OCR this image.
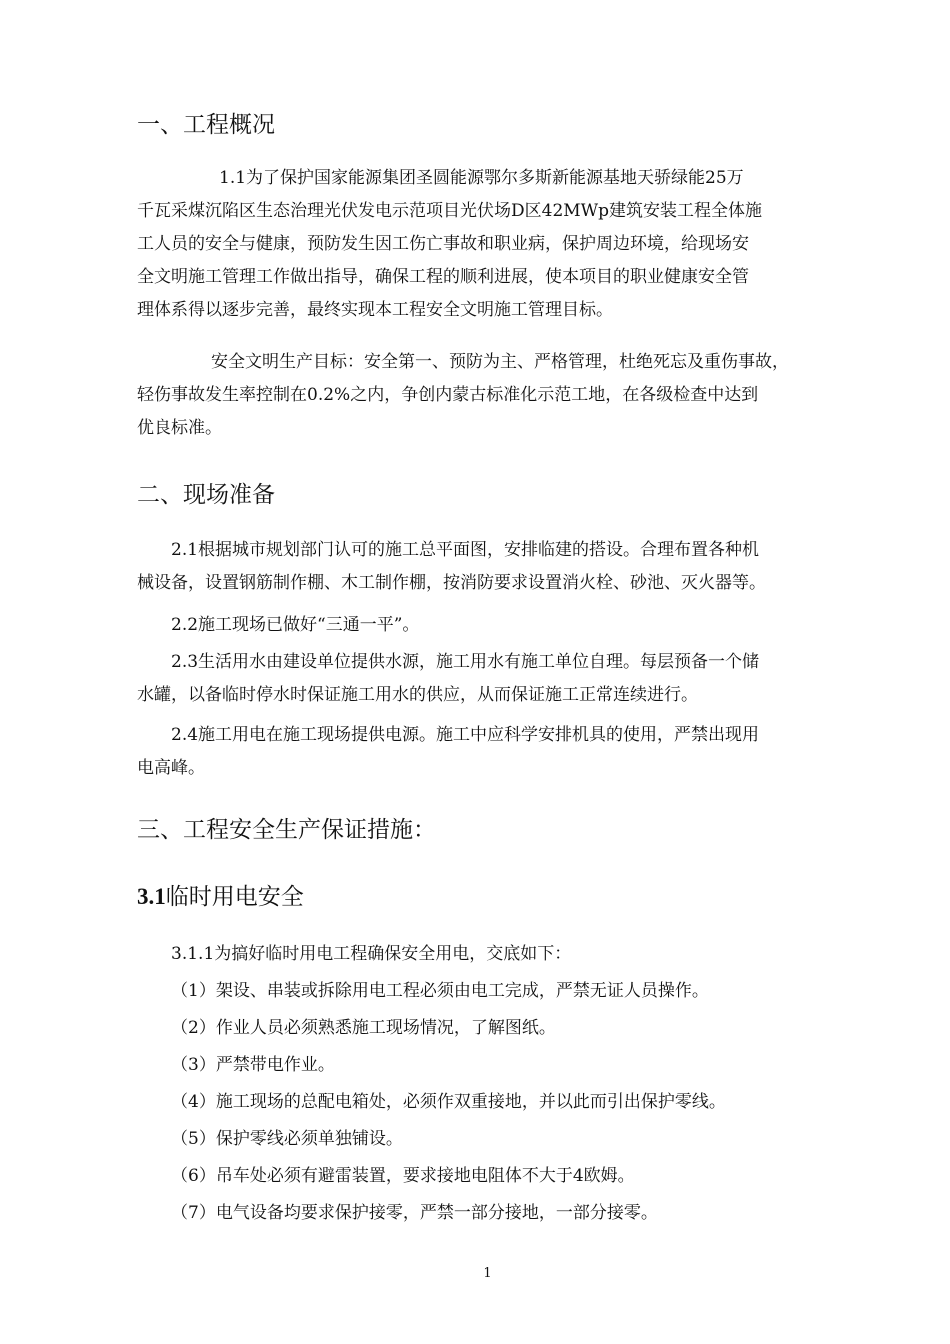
一、工程概况
1.1为了保护国家能源集团圣圆能源鄂尔多斯新能源基地天骄绿能25万
千瓦采煤沉陷区生态治理光伏发电示范项目光伏场D区42MWp建筑安装工程全体施
工人员的安全与健康，预防发生因工伤亡事故和职业病，保护周边环境，给现场安
全文明施工管理工作做出指导，确保工程的顺利进展，使本项目的职业健康安全管
理体系得以逐步完善，最终实现本工程安全文明施工管理目标。
安全文明生产目标：安全第一、预防为主、严格管理，杜绝死忘及重伤事故，
轻伤事故发生率控制在0.2%之内，争创内蒙古标准化示范工地，在各级检查中达到
优良标准。
二、现场准备
2.1根据城市规划部门认可的施工总平面图，安排临建的搭设。合理布置各种机
械设备，设置钢筋制作棚、木工制作棚，按消防要求设置消火栓、砂池、灭火器等。
2.2施工现场已做好“三通一平”。
2.3生活用水由建设单位提供水源，施工用水有施工单位自理。每层预备一个储
水罐，以备临时停水时保证施工用水的供应，从而保证施工正常连续进行。
2.4施工用电在施工现场提供电源。施工中应科学安排机具的使用，严禁出现用
电高峰。
三、工程安全生产保证措施：
3.1临时用电安全
3.1.1为搞好临时用电工程确保安全用电，交底如下：
（1）架设、串装或拆除用电工程必须由电工完成，严禁无证人员操作。
（2）作业人员必须熟悉施工现场情况，了解图纸。
（3）严禁带电作业。
（4）施工现场的总配电箱处，必须作双重接地，并以此而引出保护零线。
（5）保护零线必须单独铺设。
（6）吊车处必须有避雷装置，要求接地电阻体不大于4欧姆。
（7）电气设备均要求保护接零，严禁一部分接地，一部分接零。
1
